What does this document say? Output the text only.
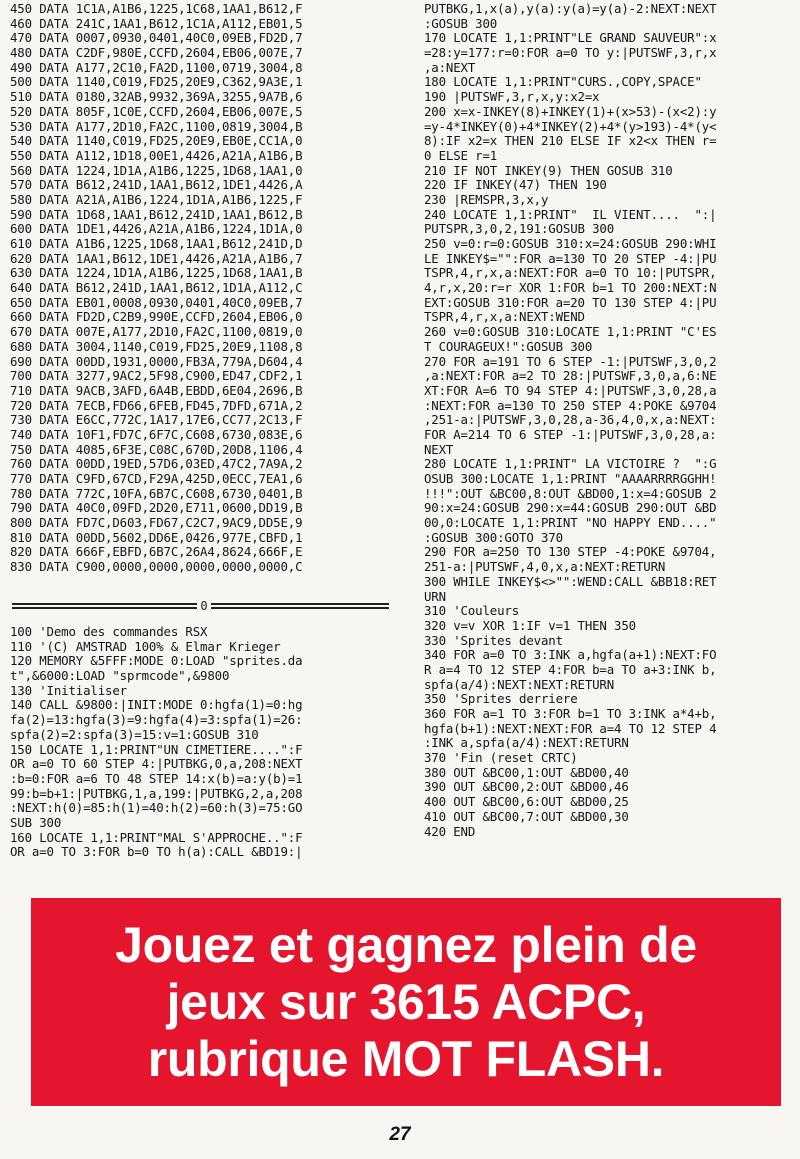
450 DATA 1C1A,A1B6,1225,1C68,1AA1,B612,F
460 DATA 241C,1AA1,B612,1C1A,A112,EB01,5
470 DATA 0007,0930,0401,40C0,09EB,FD2D,7
480 DATA C2DF,980E,CCFD,2604,EB06,007E,7
490 DATA A177,2C10,FA2D,1100,0719,3004,8
500 DATA 1140,C019,FD25,20E9,C362,9A3E,1
510 DATA 0180,32AB,9932,369A,3255,9A7B,6
520 DATA 805F,1C0E,CCFD,2604,EB06,007E,5
530 DATA A177,2D10,FA2C,1100,0819,3004,B
540 DATA 1140,C019,FD25,20E9,EB0E,CC1A,0
550 DATA A112,1D18,00E1,4426,A21A,A1B6,B
560 DATA 1224,1D1A,A1B6,1225,1D68,1AA1,0
570 DATA B612,241D,1AA1,B612,1DE1,4426,A
580 DATA A21A,A1B6,1224,1D1A,A1B6,1225,F
590 DATA 1D68,1AA1,B612,241D,1AA1,B612,B
600 DATA 1DE1,4426,A21A,A1B6,1224,1D1A,0
610 DATA A1B6,1225,1D68,1AA1,B612,241D,D
620 DATA 1AA1,B612,1DE1,4426,A21A,A1B6,7
630 DATA 1224,1D1A,A1B6,1225,1D68,1AA1,B
640 DATA B612,241D,1AA1,B612,1D1A,A112,C
650 DATA EB01,0008,0930,0401,40C0,09EB,7
660 DATA FD2D,C2B9,990E,CCFD,2604,EB06,0
670 DATA 007E,A177,2D10,FA2C,1100,0819,0
680 DATA 3004,1140,C019,FD25,20E9,1108,8
690 DATA 00DD,1931,0000,FB3A,779A,D604,4
700 DATA 3277,9AC2,5F98,C900,ED47,CDF2,1
710 DATA 9ACB,3AFD,6A4B,EBDD,6E04,2696,B
720 DATA 7ECB,FD66,6FEB,FD45,7DFD,671A,2
730 DATA E6CC,772C,1A17,17E6,CC77,2C13,F
740 DATA 10F1,FD7C,6F7C,C608,6730,083E,6
750 DATA 4085,6F3E,C08C,670D,20D8,1106,4
760 DATA 00DD,19ED,57D6,03ED,47C2,7A9A,2
770 DATA C9FD,67CD,F29A,425D,0ECC,7EA1,6
780 DATA 772C,10FA,6B7C,C608,6730,0401,B
790 DATA 40C0,09FD,2D20,E711,0600,DD19,B
800 DATA FD7C,D603,FD67,C2C7,9AC9,DD5E,9
810 DATA 00DD,5602,DD6E,0426,977E,CBFD,1
820 DATA 666F,EBFD,6B7C,26A4,8624,666F,E
830 DATA C900,0000,0000,0000,0000,0000,C
0
100 'Demo des commandes RSX
110 '(C) AMSTRAD 100% & Elmar Krieger
120 MEMORY &5FFF:MODE 0:LOAD "sprites.da
t",&6000:LOAD "sprmcode",&9800
130 'Initialiser
140 CALL &9800:|INIT:MODE 0:hgfa(1)=0:hg
fa(2)=13:hgfa(3)=9:hgfa(4)=3:spfa(1)=26:
spfa(2)=2:spfa(3)=15:v=1:GOSUB 310
150 LOCATE 1,1:PRINT"UN CIMETIERE....":F
OR a=0 TO 60 STEP 4:|PUTBKG,0,a,208:NEXT
:b=0:FOR a=6 TO 48 STEP 14:x(b)=a:y(b)=1
99:b=b+1:|PUTBKG,1,a,199:|PUTBKG,2,a,208
:NEXT:h(0)=85:h(1)=40:h(2)=60:h(3)=75:GO
SUB 300
160 LOCATE 1,1:PRINT"MAL S'APPROCHE..":F
OR a=0 TO 3:FOR b=0 TO h(a):CALL &BD19:|
PUTBKG,1,x(a),y(a):y(a)=y(a)-2:NEXT:NEXT
:GOSUB 300
170 LOCATE 1,1:PRINT"LE GRAND SAUVEUR":x
=28:y=177:r=0:FOR a=0 TO y:|PUTSWF,3,r,x
,a:NEXT
180 LOCATE 1,1:PRINT"CURS.,COPY,SPACE"
190 |PUTSWF,3,r,x,y:x2=x
200 x=x-INKEY(8)+INKEY(1)+(x>53)-(x<2):y
=y-4*INKEY(0)+4*INKEY(2)+4*(y>193)-4*(y<
8):IF x2=x THEN 210 ELSE IF x2<x THEN r=
0 ELSE r=1
210 IF NOT INKEY(9) THEN GOSUB 310
220 IF INKEY(47) THEN 190
230 |REMSPR,3,x,y
240 LOCATE 1,1:PRINT"  IL VIENT....  ":|
PUTSPR,3,0,2,191:GOSUB 300
250 v=0:r=0:GOSUB 310:x=24:GOSUB 290:WHI
LE INKEY$="":FOR a=130 TO 20 STEP -4:|PU
TSPR,4,r,x,a:NEXT:FOR a=0 TO 10:|PUTSPR,
4,r,x,20:r=r XOR 1:FOR b=1 TO 200:NEXT:N
EXT:GOSUB 310:FOR a=20 TO 130 STEP 4:|PU
TSPR,4,r,x,a:NEXT:WEND
260 v=0:GOSUB 310:LOCATE 1,1:PRINT "C'ES
T COURAGEUX!":GOSUB 300
270 FOR a=191 TO 6 STEP -1:|PUTSWF,3,0,2
,a:NEXT:FOR a=2 TO 28:|PUTSWF,3,0,a,6:NE
XT:FOR A=6 TO 94 STEP 4:|PUTSWF,3,0,28,a
:NEXT:FOR a=130 TO 250 STEP 4:POKE &9704
,251-a:|PUTSWF,3,0,28,a-36,4,0,x,a:NEXT:
FOR A=214 TO 6 STEP -1:|PUTSWF,3,0,28,a:
NEXT
280 LOCATE 1,1:PRINT" LA VICTOIRE ?  ":G
OSUB 300:LOCATE 1,1:PRINT "AAAARRRRGGHH!
!!!":OUT &BC00,8:OUT &BD00,1:x=4:GOSUB 2
90:x=24:GOSUB 290:x=44:GOSUB 290:OUT &BD
00,0:LOCATE 1,1:PRINT "NO HAPPY END...."
:GOSUB 300:GOTO 370
290 FOR a=250 TO 130 STEP -4:POKE &9704,
251-a:|PUTSWF,4,0,x,a:NEXT:RETURN
300 WHILE INKEY$<>"":WEND:CALL &BB18:RET
URN
310 'Couleurs
320 v=v XOR 1:IF v=1 THEN 350
330 'Sprites devant
340 FOR a=0 TO 3:INK a,hgfa(a+1):NEXT:FO
R a=4 TO 12 STEP 4:FOR b=a TO a+3:INK b,
spfa(a/4):NEXT:NEXT:RETURN
350 'Sprites derriere
360 FOR a=1 TO 3:FOR b=1 TO 3:INK a*4+b,
hgfa(b+1):NEXT:NEXT:FOR a=4 TO 12 STEP 4
:INK a,spfa(a/4):NEXT:RETURN
370 'Fin (reset CRTC)
380 OUT &BC00,1:OUT &BD00,40
390 OUT &BC00,2:OUT &BD00,46
400 OUT &BC00,6:OUT &BD00,25
410 OUT &BC00,7:OUT &BD00,30
420 END
Jouez et gagnez plein de
jeux sur 3615 ACPC,
rubrique MOT FLASH.
27
